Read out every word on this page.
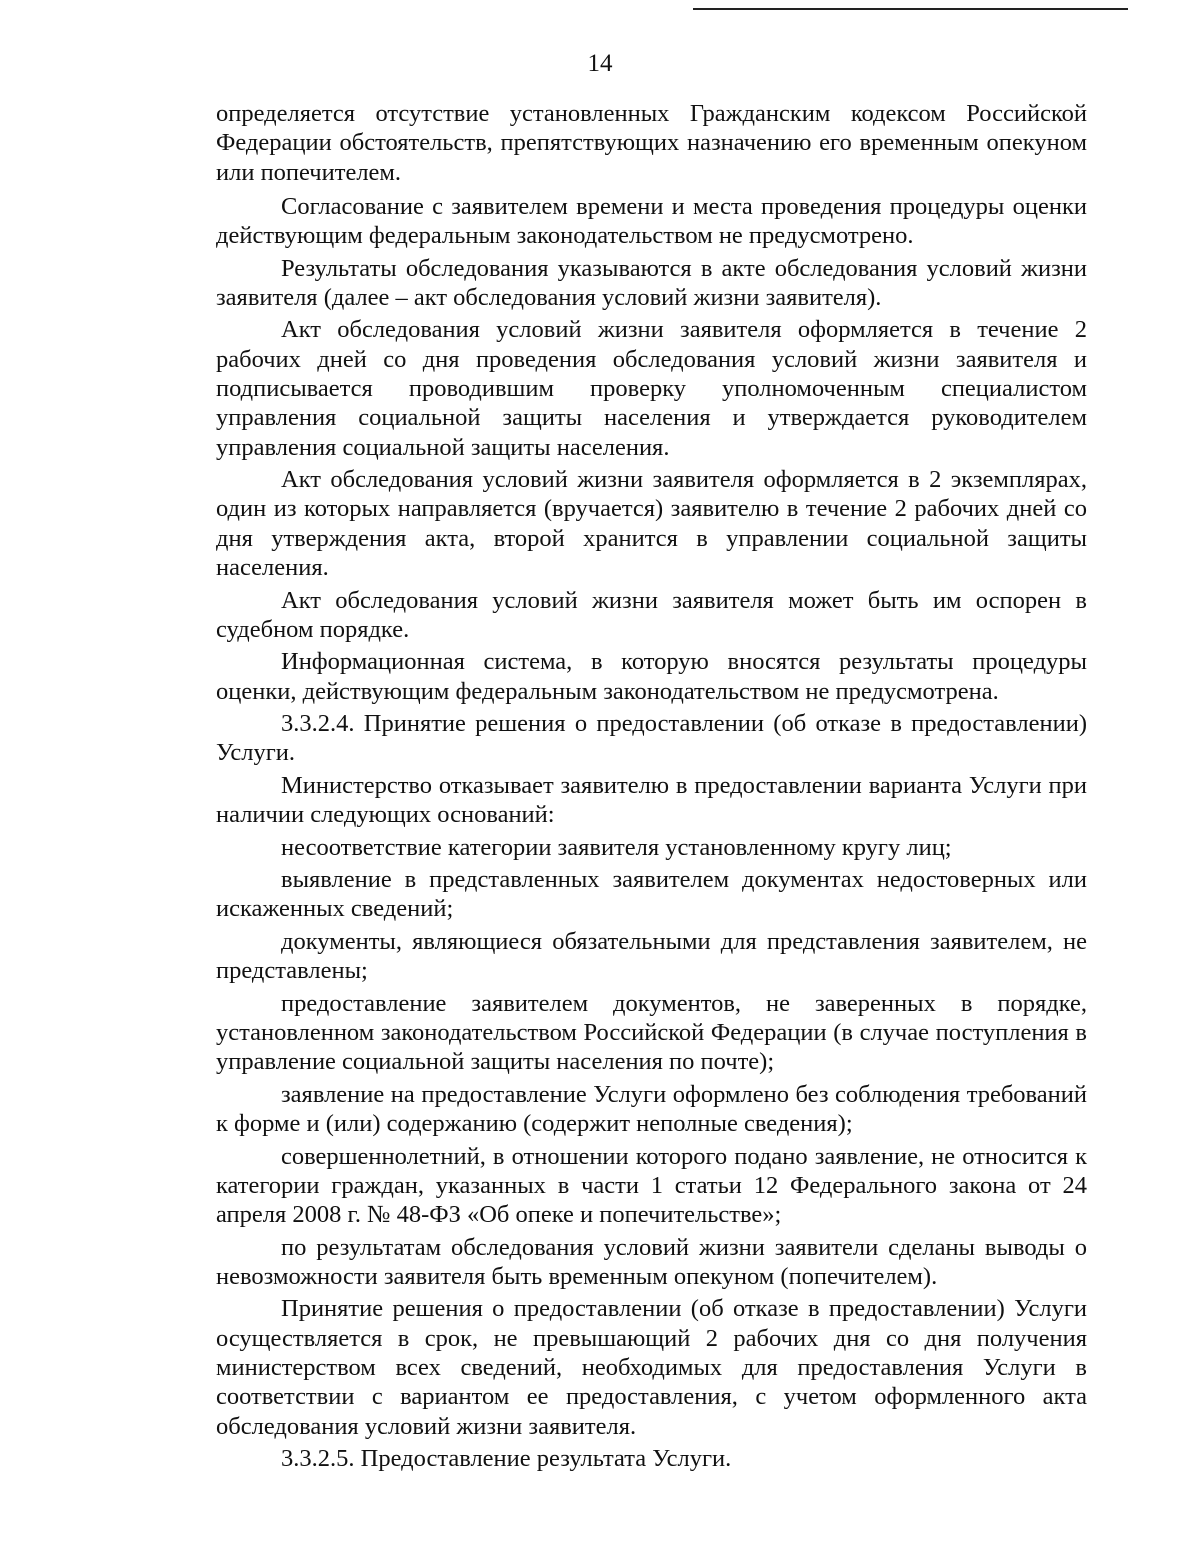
14

определяется отсутствие установленных Гражданским кодексом Российской Федерации обстоятельств, препятствующих назначению его временным опекуном или попечителем.

Согласование с заявителем времени и места проведения процедуры оценки действующим федеральным законодательством не предусмотрено.

Результаты обследования указываются в акте обследования условий жизни заявителя (далее – акт обследования условий жизни заявителя).

Акт обследования условий жизни заявителя оформляется в течение 2 рабочих дней со дня проведения обследования условий жизни заявителя и подписывается проводившим проверку уполномоченным специалистом управления социальной защиты населения и утверждается руководителем управления социальной защиты населения.

Акт обследования условий жизни заявителя оформляется в 2 экземплярах, один из которых направляется (вручается) заявителю в течение 2 рабочих дней со дня утверждения акта, второй хранится в управлении социальной защиты населения.

Акт обследования условий жизни заявителя может быть им оспорен в судебном порядке.

Информационная система, в которую вносятся результаты процедуры оценки, действующим федеральным законодательством не предусмотрена.

3.3.2.4. Принятие решения о предоставлении (об отказе в предоставлении) Услуги.

Министерство отказывает заявителю в предоставлении варианта Услуги при наличии следующих оснований:

несоответствие категории заявителя установленному кругу лиц;

выявление в представленных заявителем документах недостоверных или искаженных сведений;

документы, являющиеся обязательными для представления заявителем, не представлены;

предоставление заявителем документов, не заверенных в порядке, установленном законодательством Российской Федерации (в случае поступления в управление социальной защиты населения по почте);

заявление на предоставление Услуги оформлено без соблюдения требований к форме и (или) содержанию (содержит неполные сведения);

совершеннолетний, в отношении которого подано заявление, не относится к категории граждан, указанных в части 1 статьи 12 Федерального закона от 24 апреля 2008 г. № 48-ФЗ «Об опеке и попечительстве»;

по результатам обследования условий жизни заявители сделаны выводы о невозможности заявителя быть временным опекуном (попечителем).

Принятие решения о предоставлении (об отказе в предоставлении) Услуги осуществляется в срок, не превышающий 2 рабочих дня со дня получения министерством всех сведений, необходимых для предоставления Услуги в соответствии с вариантом ее предоставления, с учетом оформленного акта обследования условий жизни заявителя.

3.3.2.5. Предоставление результата Услуги.
